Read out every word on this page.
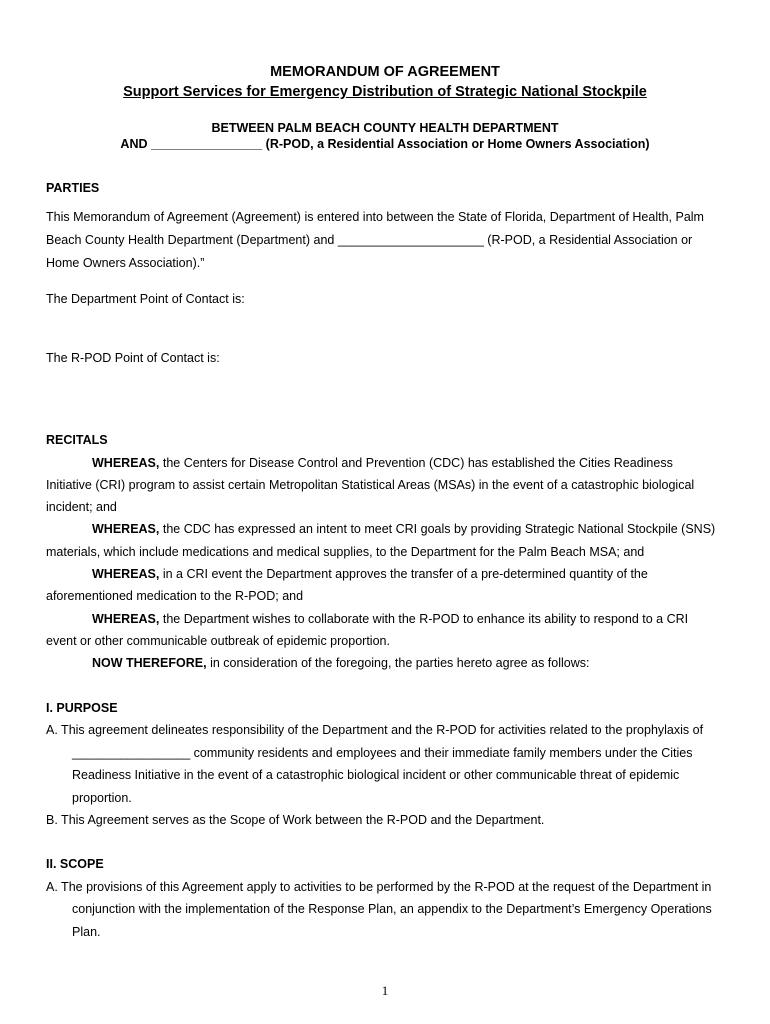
MEMORANDUM OF AGREEMENT
Support Services for Emergency Distribution of Strategic National Stockpile
BETWEEN PALM BEACH COUNTY HEALTH DEPARTMENT
AND ________________ (R-POD, a Residential Association or Home Owners Association)
PARTIES
This Memorandum of Agreement (Agreement) is entered into between the State of Florida, Department of Health, Palm
Beach County Health Department (Department) and _____________________ (R-POD, a Residential Association or
Home Owners Association).”
The Department Point of Contact is:
The R-POD Point of Contact is:
RECITALS
WHEREAS, the Centers for Disease Control and Prevention (CDC) has established the Cities Readiness
Initiative (CRI) program to assist certain Metropolitan Statistical Areas (MSAs) in the event of a catastrophic biological
incident; and
WHEREAS, the CDC has expressed an intent to meet CRI goals by providing Strategic National Stockpile (SNS)
materials, which include medications and medical supplies, to the Department for the Palm Beach MSA; and
WHEREAS, in a CRI event the Department approves the transfer of a pre-determined quantity of the
aforementioned medication to the R-POD; and
WHEREAS, the Department wishes to collaborate with the R-POD to enhance its ability to respond to a CRI
event or other communicable outbreak of epidemic proportion.
NOW THEREFORE, in consideration of the foregoing, the parties hereto agree as follows:
I. PURPOSE
A. This agreement delineates responsibility of the Department and the R-POD for activities related to the prophylaxis of
_________________ community residents and employees and their immediate family members under the Cities
Readiness Initiative in the event of a catastrophic biological incident or other communicable threat of epidemic
proportion.
B. This Agreement serves as the Scope of Work between the R-POD and the Department.
II. SCOPE
A. The provisions of this Agreement apply to activities to be performed by the R-POD at the request of the Department in
conjunction with the implementation of the Response Plan, an appendix to the Department’s Emergency Operations
Plan.
1
